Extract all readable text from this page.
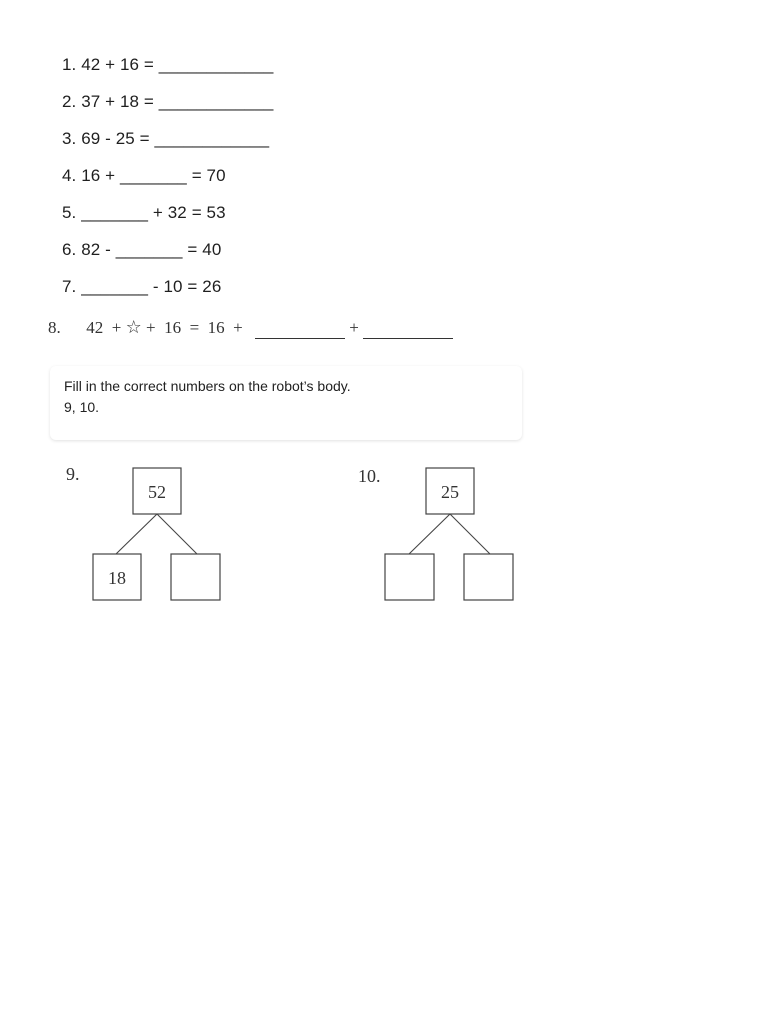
1. 42 + 16 = ____________
2. 37 + 18 = ____________
3. 69 - 25 = ____________
4. 16 + _______ = 70
5. _______ + 32 = 53
6. 82 - _______ = 40
7. _______ - 10 = 26
8.
42  +
☆
+  16  =  16  +
	+
Fill in the correct numbers on the robot’s body.
9, 10.
9.
52
18
25
10.
